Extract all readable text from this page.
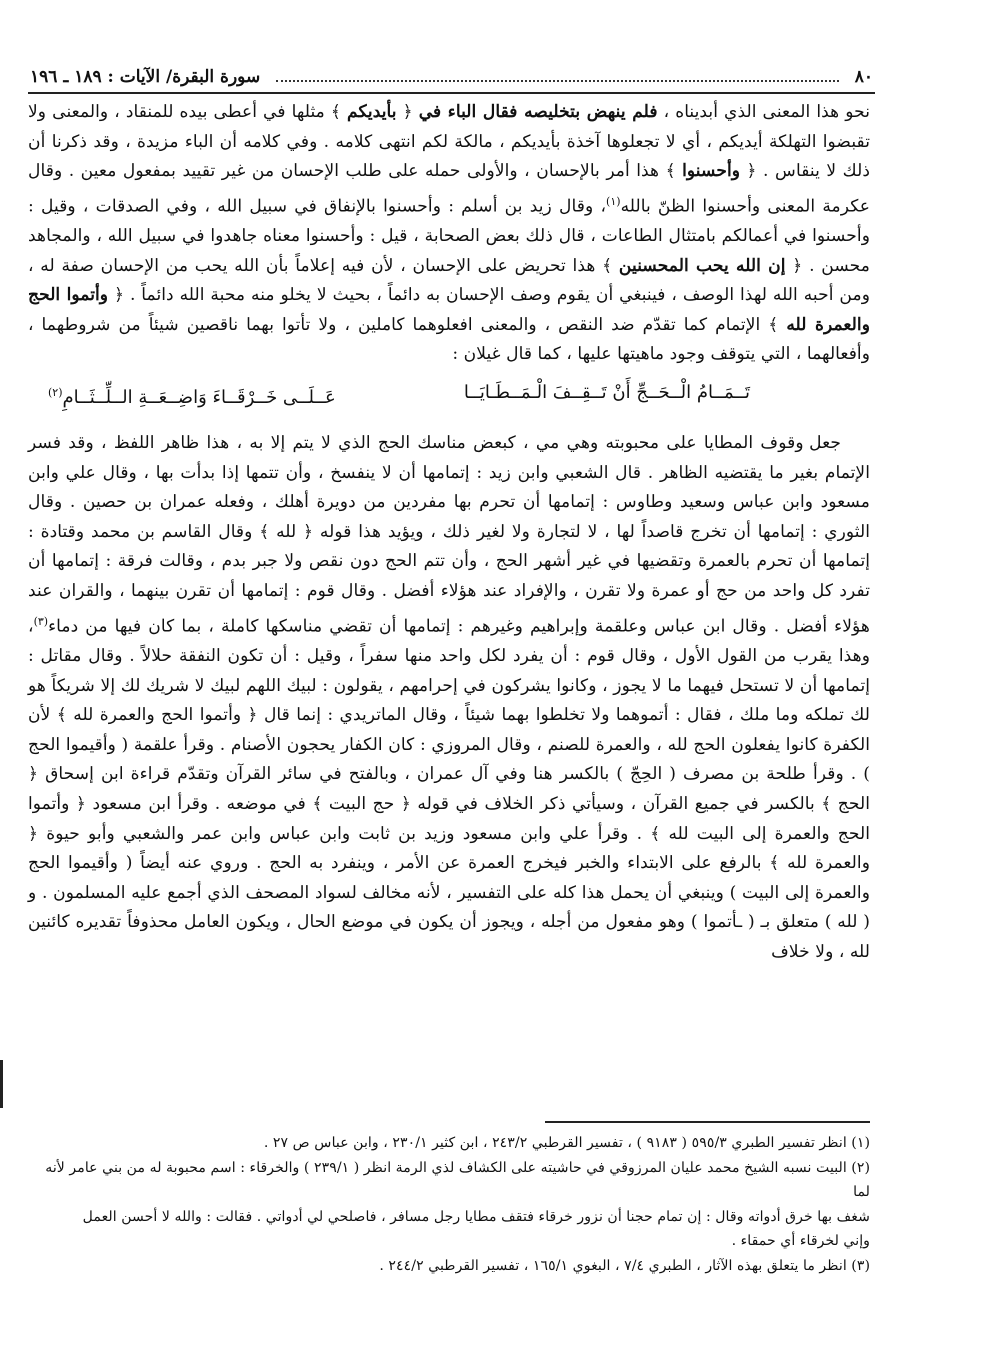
٨٠
سورة البقرة/ الآيات : ١٨٩ ـ ١٩٦

نحو هذا المعنى الذي أبديناه ، فلم ينهض بتخليصه فقال الباء في ﴿ بأيديكم ﴾ مثلها في أعطى بيده للمنقاد ، والمعنى ولا تقبضوا التهلكة أيديكم ، أي لا تجعلوها آخذة بأيديكم ، مالكة لكم انتهى كلامه . وفي كلامه أن الباء مزيدة ، وقد ذكرنا أن ذلك لا ينقاس . ﴿ وأحسنوا ﴾ هذا أمر بالإحسان ، والأولى حمله على طلب الإحسان من غير تقييد بمفعول معين . وقال عكرمة المعنى وأحسنوا الظنّ بالله$^{(١)}$، وقال زيد بن أسلم : وأحسنوا بالإنفاق في سبيل الله ، وفي الصدقات ، وقيل : وأحسنوا في أعمالكم بامتثال الطاعات ، قال ذلك بعض الصحابة ، قيل : وأحسنوا معناه جاهدوا في سبيل الله ، والمجاهد محسن . ﴿ إن الله يحب المحسنين ﴾ هذا تحريض على الإحسان ، لأن فيه إعلاماً بأن الله يحب من الإحسان صفة له ، ومن أحبه الله لهذا الوصف ، فينبغي أن يقوم وصف الإحسان به دائماً ، بحيث لا يخلو منه محبة الله دائماً . ﴿ وأتموا الحج والعمرة لله ﴾ الإتمام كما تقدّم ضد النقص ، والمعنى افعلوهما كاملين ، ولا تأتوا بهما ناقصين شيئاً من شروطهما ، وأفعالهما ، التي يتوقف وجود ماهيتها عليها ، كما قال غيلان :

تَــمَــامُ الْــحَــجِّ أَنْ تَــقِــفَ الْـمَــطَـايَــا
عَــلَــى خَــرْقَــاءَ وَاضِــعَــةِ الــلِّــثَــامِ$^{(٢)}$

جعل وقوف المطايا على محبوبته وهي مي ، كبعض مناسك الحج الذي لا يتم إلا به ، هذا ظاهر اللفظ ، وقد فسر الإتمام بغير ما يقتضيه الظاهر . قال الشعبي وابن زيد : إتمامها أن لا ينفسخ ، وأن تتمها إذا بدأت بها ، وقال علي وابن مسعود وابن عباس وسعيد وطاوس : إتمامها أن تحرم بها مفردين من دويرة أهلك ، وفعله عمران بن حصين . وقال الثوري : إتمامها أن تخرج قاصداً لها ، لا لتجارة ولا لغير ذلك ، ويؤيد هذا قوله ﴿ لله ﴾ وقال القاسم بن محمد وقتادة : إتمامها أن تحرم بالعمرة وتقضيها في غير أشهر الحج ، وأن تتم الحج دون نقص ولا جبر بدم ، وقالت فرقة : إتمامها أن تفرد كل واحد من حج أو عمرة ولا تقرن ، والإفراد عند هؤلاء أفضل . وقال قوم : إتمامها أن تقرن بينهما ، والقران عند هؤلاء أفضل . وقال ابن عباس وعلقمة وإبراهيم وغيرهم : إتمامها أن تقضي مناسكها كاملة ، بما كان فيها من دماء$^{(٣)}$، وهذا يقرب من القول الأول ، وقال قوم : أن يفرد لكل واحد منها سفراً ، وقيل : أن تكون النفقة حلالاً . وقال مقاتل : إتمامها أن لا تستحل فيهما ما لا يجوز ، وكانوا يشركون في إحرامهم ، يقولون : لبيك اللهم لبيك لا شريك لك إلا شريكاً هو لك تملكه وما ملك ، فقال : أتموهما ولا تخلطوا بهما شيئاً ، وقال الماتريدي : إنما قال ﴿ وأتموا الحج والعمرة لله ﴾ لأن الكفرة كانوا يفعلون الحج لله ، والعمرة للصنم ، وقال المروزي : كان الكفار يحجون الأصنام . وقرأ علقمة ( وأقيموا الحج ) . وقرأ طلحة بن مصرف ( الحِجّ ) بالكسر هنا وفي آل عمران ، وبالفتح في سائر القرآن وتقدّم قراءة ابن إسحاق ﴿ الحج ﴾ بالكسر في جميع القرآن ، وسيأتي ذكر الخلاف في قوله ﴿ حج البيت ﴾ في موضعه . وقرأ ابن مسعود ﴿ وأتموا الحج والعمرة إلى البيت لله ﴾ . وقرأ علي وابن مسعود وزيد بن ثابت وابن عباس وابن عمر والشعبي وأبو حيوة ﴿ والعمرة لله ﴾ بالرفع على الابتداء والخبر فيخرج العمرة عن الأمر ، وينفرد به الحج . وروي عنه أيضاً ( وأقيموا الحج والعمرة إلى البيت ) وينبغي أن يحمل هذا كله على التفسير ، لأنه مخالف لسواد المصحف الذي أجمع عليه المسلمون . و ( لله ) متعلق بـ ( ـأتموا ) وهو مفعول من أجله ، ويجوز أن يكون في موضع الحال ، ويكون العامل محذوفاً تقديره كائنين لله ، ولا خلاف

(١) انظر تفسير الطبري ٥٩٥/٣ ( ٩١٨٣ ) ، تفسير القرطبي ٢٤٣/٢ ، ابن كثير ٢٣٠/١ ، وابن عباس ص ٢٧ .

(٢) البيت نسبه الشيخ محمد عليان المرزوقي في حاشيته على الكشاف لذي الرمة انظر ( ٢٣٩/١ ) والخرقاء : اسم محبوبة له من بني عامر لأنه لما

شغف بها خرق أدواته وقال : إن تمام حجنا أن نزور خرقاء فتقف مطايا رجل مسافر ، فاصلحي لي أدواتي . فقالت : والله لا أحسن العمل

وإني لخرقاء أي حمقاء .

(٣) انظر ما يتعلق بهذه الآثار ، الطبري ٧/٤ ، البغوي ١٦٥/١ ، تفسير القرطبي ٢٤٤/٢ .
